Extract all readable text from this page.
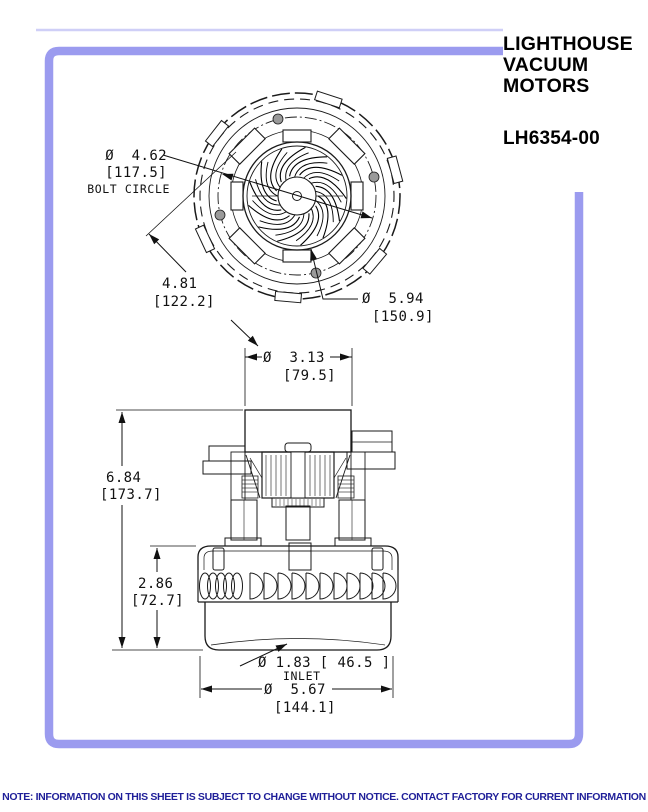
Ø  4.62
[117.5]
BOLT CIRCLE
4.81
[122.2]	Ø  5.94
[150.9]
6.84
[173.7]
2.86
[72.7]
Ø  3.13
[79.5]
Ø  5.67
[144.1]
Ø 1.83 [ 46.5 ]
INLET
LIGHTHOUSE
VACUUM
MOTORS
LH6354-00
NOTE: INFORMATION ON THIS SHEET IS SUBJECT TO CHANGE WITHOUT NOTICE. CONTACT FACTORY FOR CURRENT INFORMATION
